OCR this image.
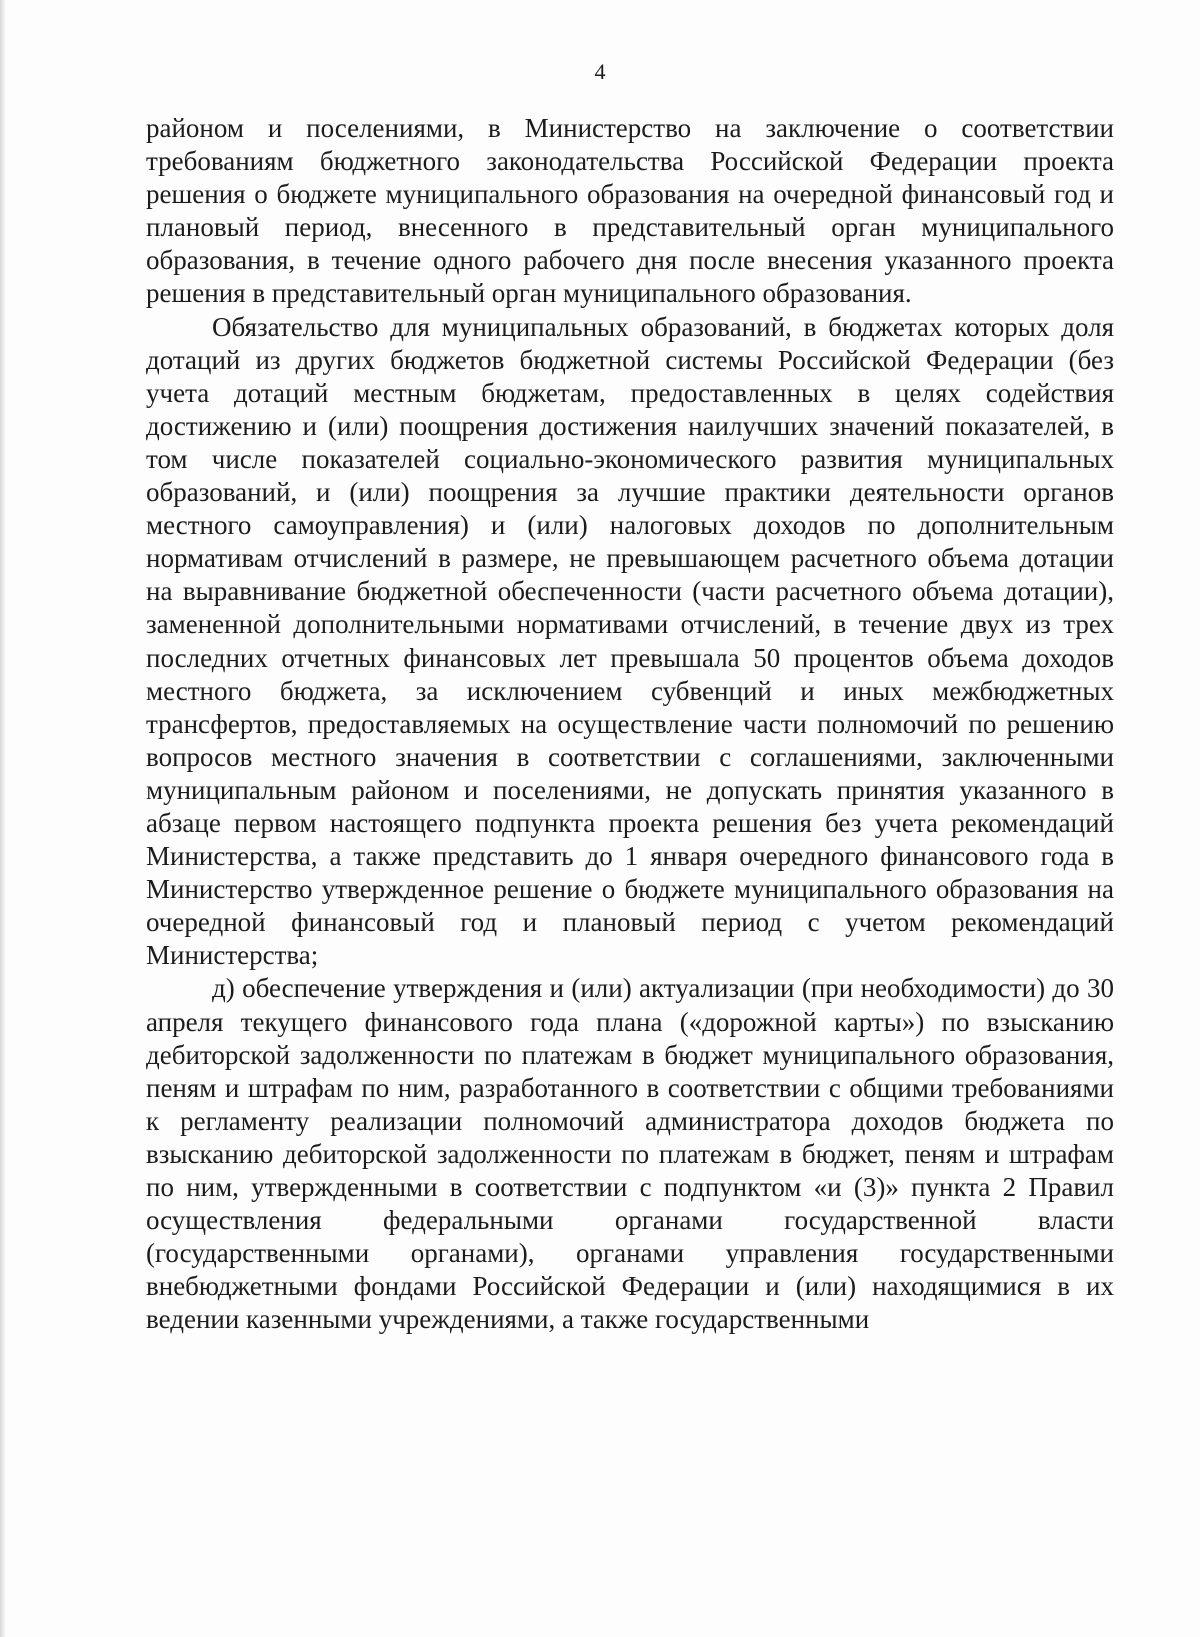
4

районом и поселениями, в Министерство на заключение о соответствии требованиям бюджетного законодательства Российской Федерации проекта решения о бюджете муниципального образования на очередной финансовый год и плановый период, внесенного в представительный орган муниципального образования, в течение одного рабочего дня после внесения указанного проекта решения в представительный орган муниципального образования.

Обязательство для муниципальных образований, в бюджетах которых доля дотаций из других бюджетов бюджетной системы Российской Федерации (без учета дотаций местным бюджетам, предоставленных в целях содействия достижению и (или) поощрения достижения наилучших значений показателей, в том числе показателей социально-экономического развития муниципальных образований, и (или) поощрения за лучшие практики деятельности органов местного самоуправления) и (или) налоговых доходов по дополнительным нормативам отчислений в размере, не превышающем расчетного объема дотации на выравнивание бюджетной обеспеченности (части расчетного объема дотации), замененной дополнительными нормативами отчислений, в течение двух из трех последних отчетных финансовых лет превышала 50 процентов объема доходов местного бюджета, за исключением субвенций и иных межбюджетных трансфертов, предоставляемых на осуществление части полномочий по решению вопросов местного значения в соответствии с соглашениями, заключенными муниципальным районом и поселениями, не допускать принятия указанного в абзаце первом настоящего подпункта проекта решения без учета рекомендаций Министерства, а также представить до 1 января очередного финансового года в Министерство утвержденное решение о бюджете муниципального образования на очередной финансовый год и плановый период с учетом рекомендаций Министерства;

д) обеспечение утверждения и (или) актуализации (при необходимости) до 30 апреля текущего финансового года плана («дорожной карты») по взысканию дебиторской задолженности по платежам в бюджет муниципального образования, пеням и штрафам по ним, разработанного в соответствии с общими требованиями к регламенту реализации полномочий администратора доходов бюджета по взысканию дебиторской задолженности по платежам в бюджет, пеням и штрафам по ним, утвержденными в соответствии с подпунктом «и (3)» пункта 2 Правил осуществления федеральными органами государственной власти (государственными органами), органами управления государственными внебюджетными фондами Российской Федерации и (или) находящимися в их ведении казенными учреждениями, а также государственными
